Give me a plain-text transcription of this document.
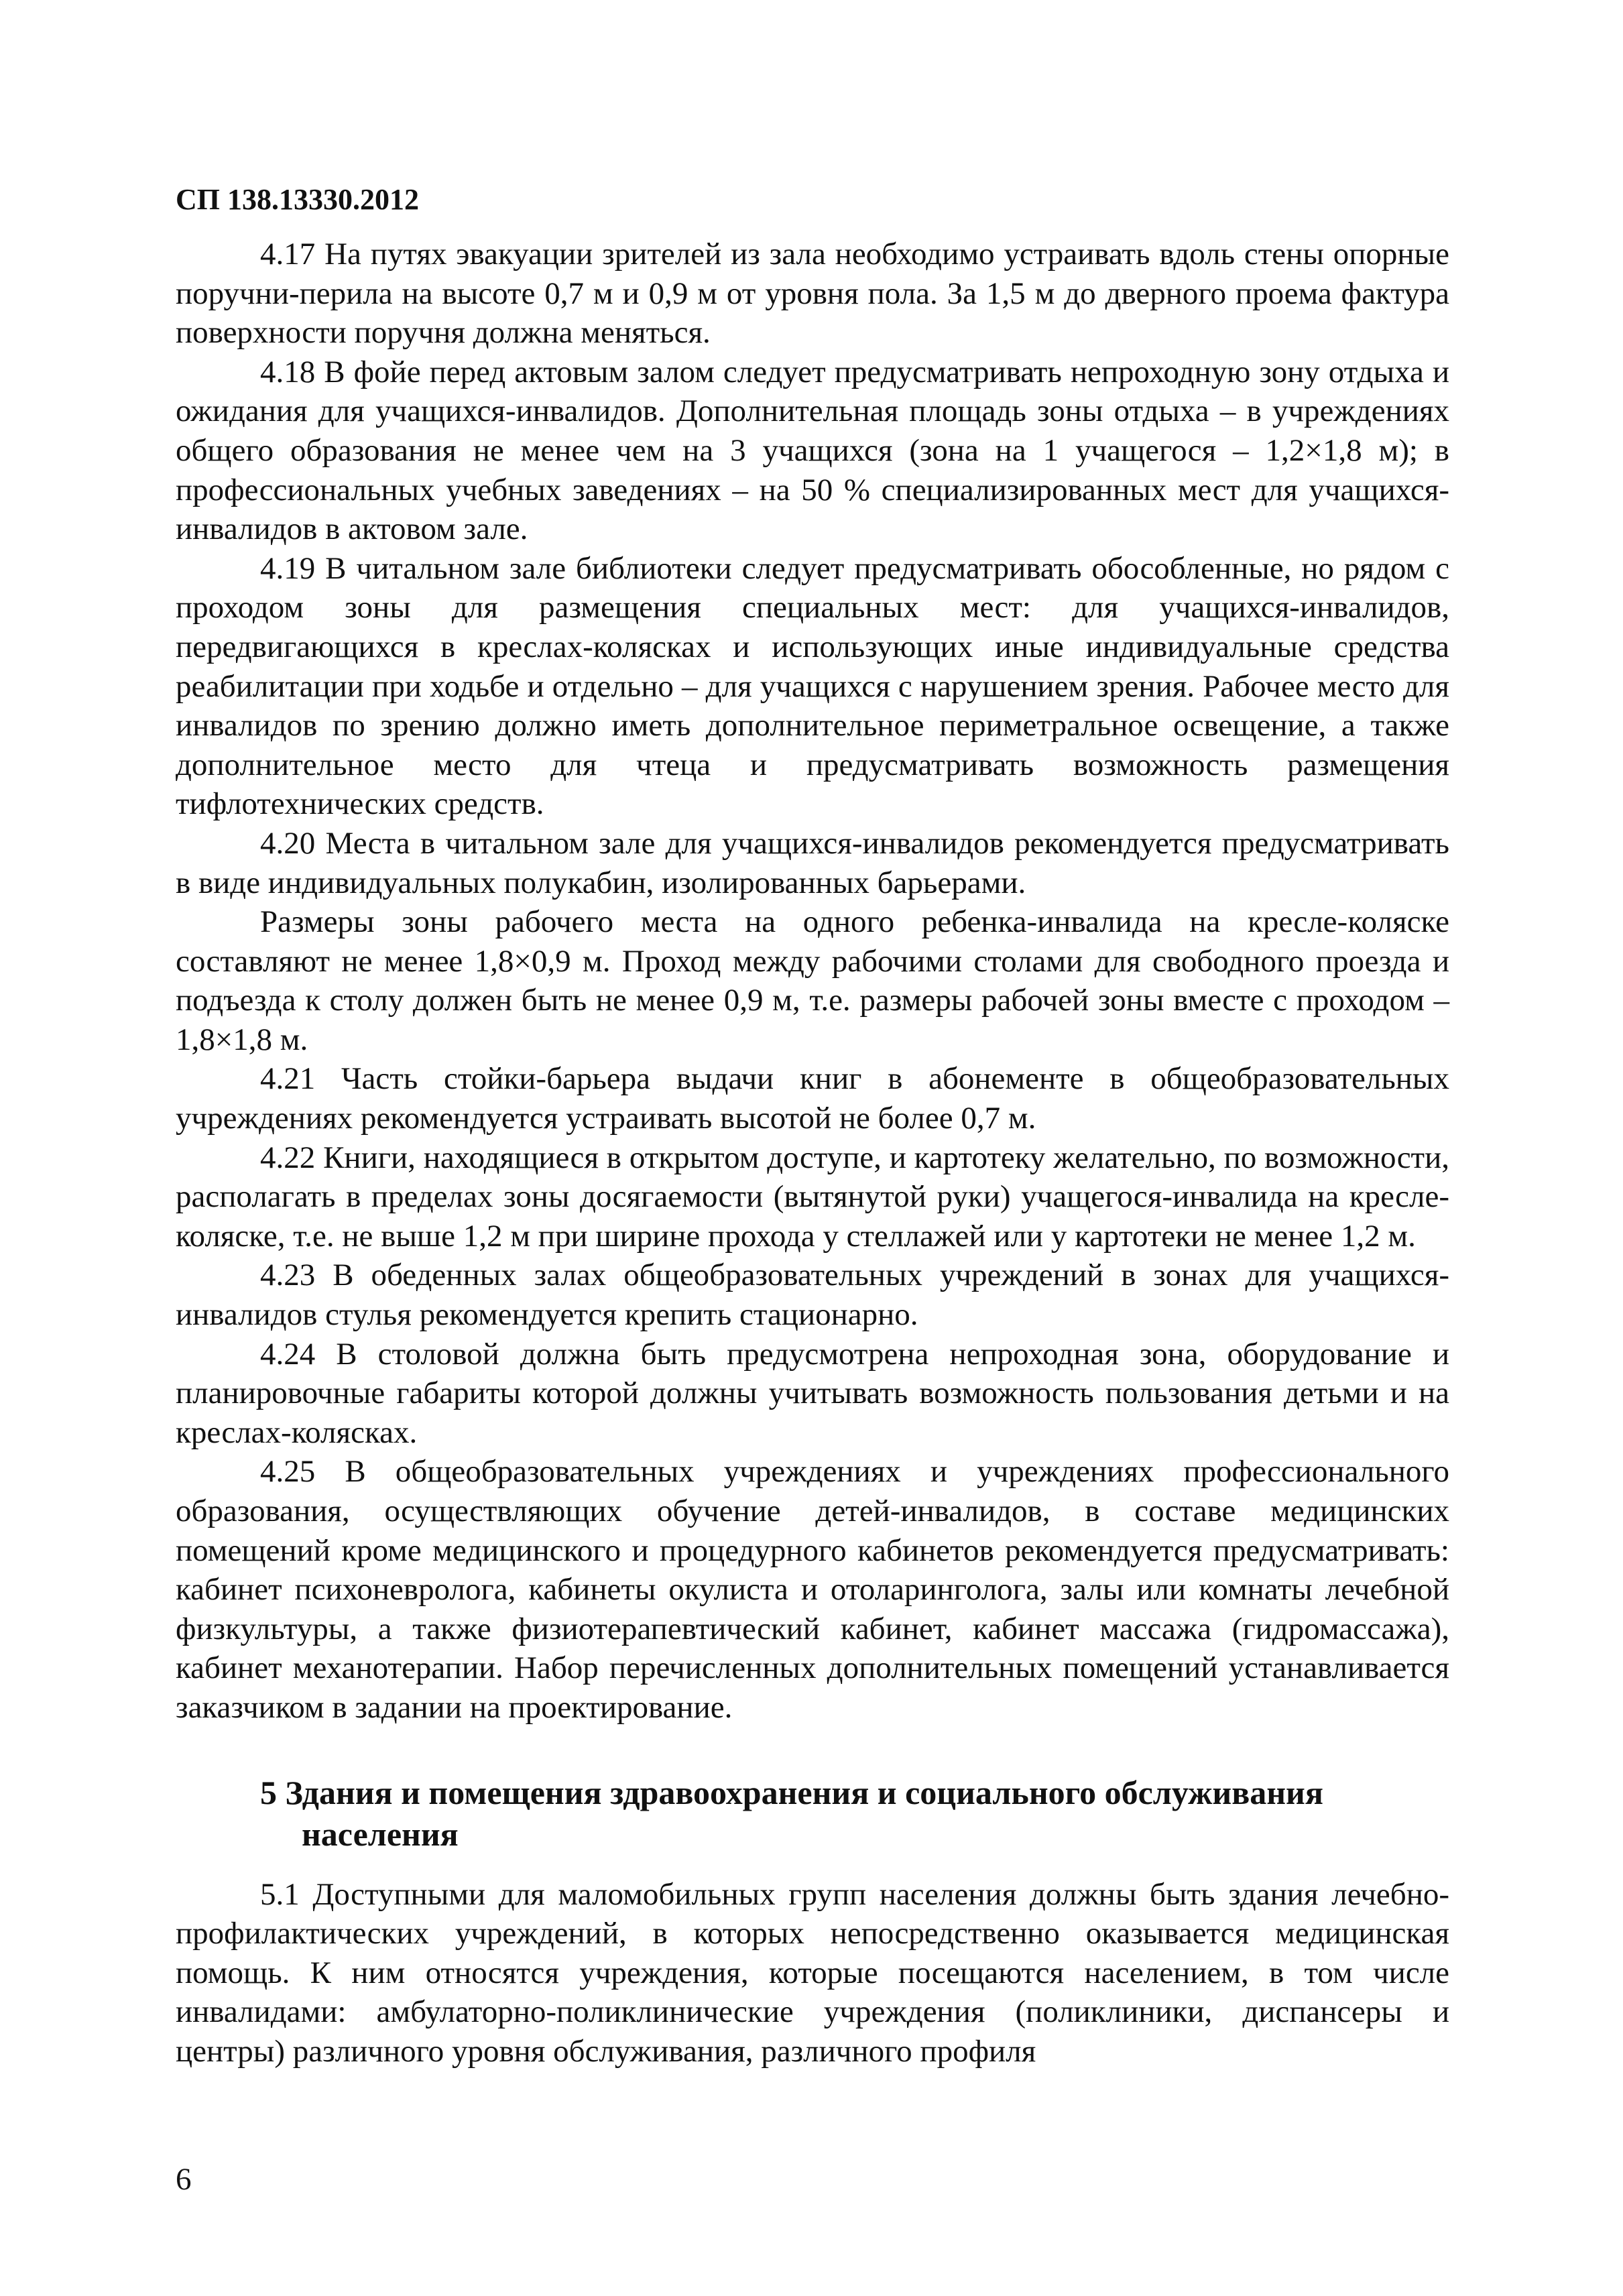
СП 138.13330.2012

4.17 На путях эвакуации зрителей из зала необходимо устраивать вдоль стены опорные поручни-перила на высоте 0,7 м и 0,9 м от уровня пола. За 1,5 м до дверного проема фактура поверхности поручня должна меняться.

4.18 В фойе перед актовым залом следует предусматривать непроходную зону отдыха и ожидания для учащихся-инвалидов. Дополнительная площадь зоны отдыха – в учреждениях общего образования не менее чем на 3 учащихся (зона на 1 учащегося – 1,2×1,8 м); в профессиональных учебных заведениях – на 50 % специализированных мест для учащихся-инвалидов в актовом зале.

4.19 В читальном зале библиотеки следует предусматривать обособленные, но рядом с проходом зоны для размещения специальных мест: для учащихся-инвалидов, передвигающихся в креслах-колясках и использующих иные индивидуальные средства реабилитации при ходьбе и отдельно – для учащихся с нарушением зрения. Рабочее место для инвалидов по зрению должно иметь дополнительное периметральное освещение, а также дополнительное место для чтеца и предусматривать возможность размещения тифлотехнических средств.

4.20 Места в читальном зале для учащихся-инвалидов рекомендуется предусматривать в виде индивидуальных полукабин, изолированных барьерами.

Размеры зоны рабочего места на одного ребенка-инвалида на кресле-коляске составляют не менее 1,8×0,9 м. Проход между рабочими столами для свободного проезда и подъезда к столу должен быть не менее 0,9 м, т.е. размеры рабочей зоны вместе с проходом – 1,8×1,8 м.

4.21 Часть стойки-барьера выдачи книг в абонементе в общеобразовательных учреждениях рекомендуется устраивать высотой не более 0,7 м.

4.22 Книги, находящиеся в открытом доступе, и картотеку желательно, по возможности, располагать в пределах зоны досягаемости (вытянутой руки) учащегося-инвалида на кресле-коляске, т.е. не выше 1,2 м при ширине прохода у стеллажей или у картотеки не менее 1,2 м.

4.23 В обеденных залах общеобразовательных учреждений в зонах для учащихся-инвалидов стулья рекомендуется крепить стационарно.

4.24 В столовой должна быть предусмотрена непроходная зона, оборудование и планировочные габариты которой должны учитывать возможность пользования детьми и на креслах-колясках.

4.25 В общеобразовательных учреждениях и учреждениях профессионального образования, осуществляющих обучение детей-инвалидов, в составе медицинских помещений кроме медицинского и процедурного кабинетов рекомендуется предусматривать: кабинет психоневролога, кабинеты окулиста и отоларинголога, залы или комнаты лечебной физкультуры, а также физиотерапевтический кабинет, кабинет массажа (гидромассажа), кабинет механотерапии. Набор перечисленных дополнительных помещений устанавливается заказчиком в задании на проектирование.

5 Здания и помещения здравоохранения и социального обслуживания
населения

5.1 Доступными для маломобильных групп населения должны быть здания лечебно-профилактических учреждений, в которых непосредственно оказывается медицинская помощь. К ним относятся учреждения, которые посещаются населением, в том числе инвалидами: амбулаторно-поликлинические учреждения (поликлиники, диспансеры и центры) различного уровня обслуживания, различного профиля

6
